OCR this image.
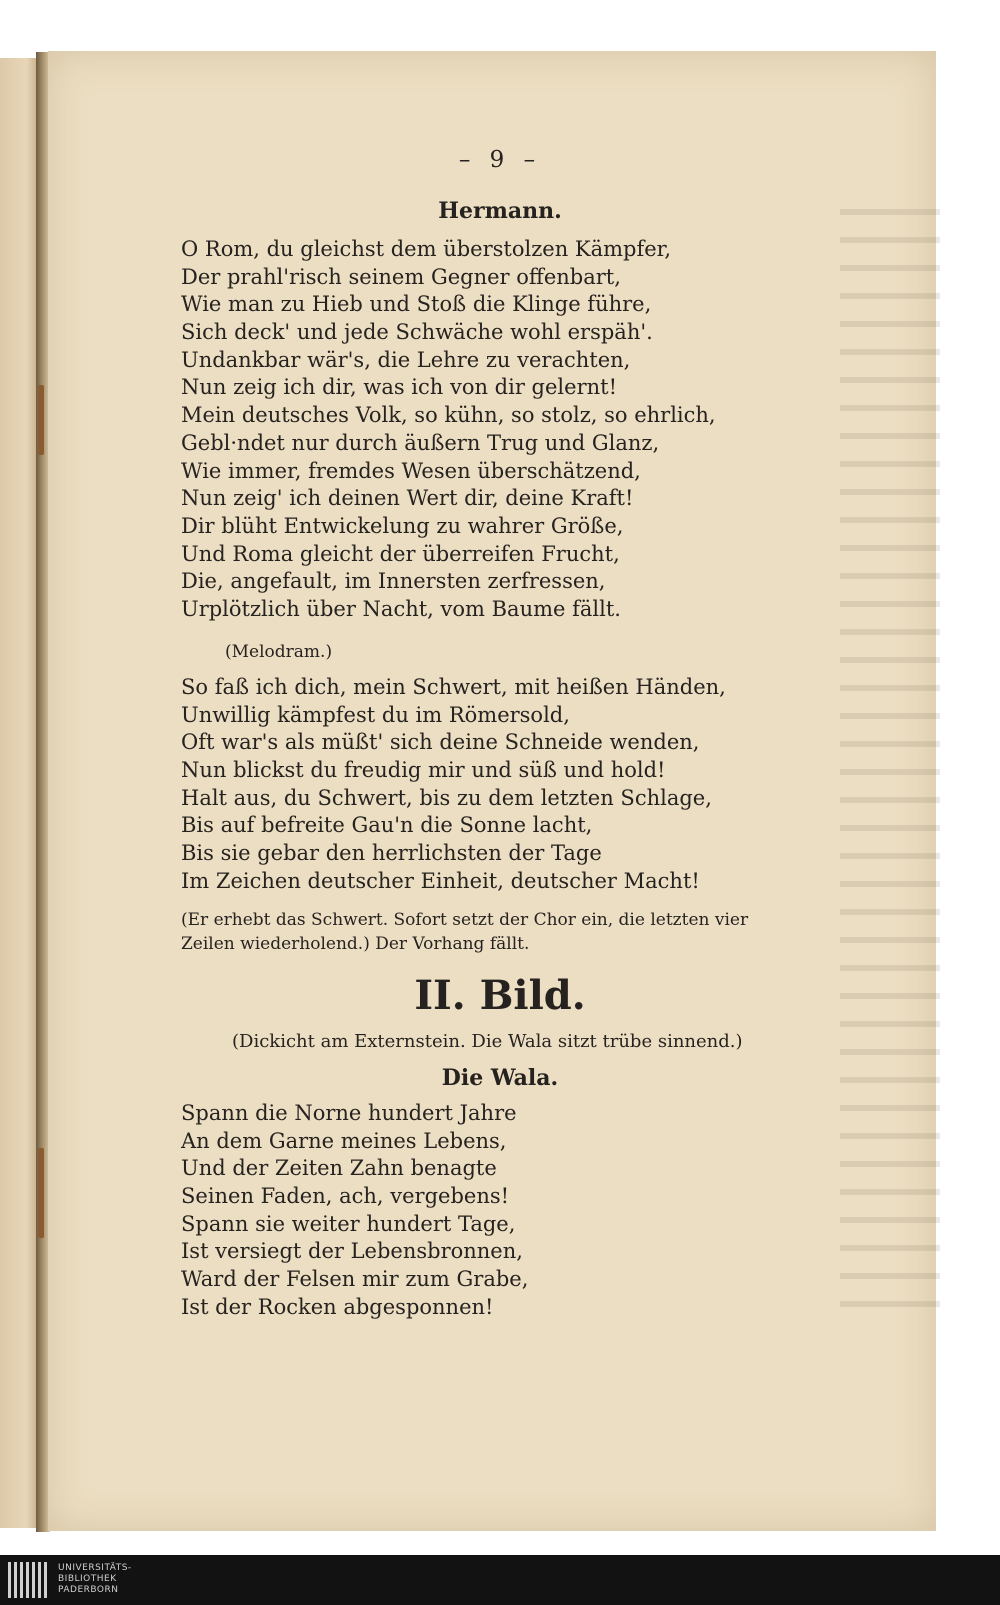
– 9 –

Hermann.

O Rom, du gleichst dem überstolzen Kämpfer,
Der prahl'risch seinem Gegner offenbart,
Wie man zu Hieb und Stoß die Klinge führe,
Sich deck' und jede Schwäche wohl erspäh'.
Undankbar wär's, die Lehre zu verachten,
Nun zeig ich dir, was ich von dir gelernt!
Mein deutsches Volk, so kühn, so stolz, so ehrlich,
Gebl·ndet nur durch äußern Trug und Glanz,
Wie immer, fremdes Wesen überschätzend,
Nun zeig' ich deinen Wert dir, deine Kraft!
Dir blüht Entwickelung zu wahrer Größe,
Und Roma gleicht der überreifen Frucht,
Die, angefault, im Innersten zerfressen,
Urplötzlich über Nacht, vom Baume fällt.

(Melodram.)

So faß ich dich, mein Schwert, mit heißen Händen,
Unwillig kämpfest du im Römersold,
Oft war's als müßt' sich deine Schneide wenden,
Nun blickst du freudig mir und süß und hold!
Halt aus, du Schwert, bis zu dem letzten Schlage,
Bis auf befreite Gau'n die Sonne lacht,
Bis sie gebar den herrlichsten der Tage
Im Zeichen deutscher Einheit, deutscher Macht!

(Er erhebt das Schwert. Sofort setzt der Chor ein, die letzten vier

Zeilen wiederholend.) Der Vorhang fällt.

II. Bild.

(Dickicht am Externstein. Die Wala sitzt trübe sinnend.)

Die Wala.

Spann die Norne hundert Jahre
An dem Garne meines Lebens,
Und der Zeiten Zahn benagte
Seinen Faden, ach, vergebens!
Spann sie weiter hundert Tage,
Ist versiegt der Lebensbronnen,
Ward der Felsen mir zum Grabe,
Ist der Rocken abgesponnen!

UNIVERSITÄTS-

BIBLIOTHEK

PADERBORN
